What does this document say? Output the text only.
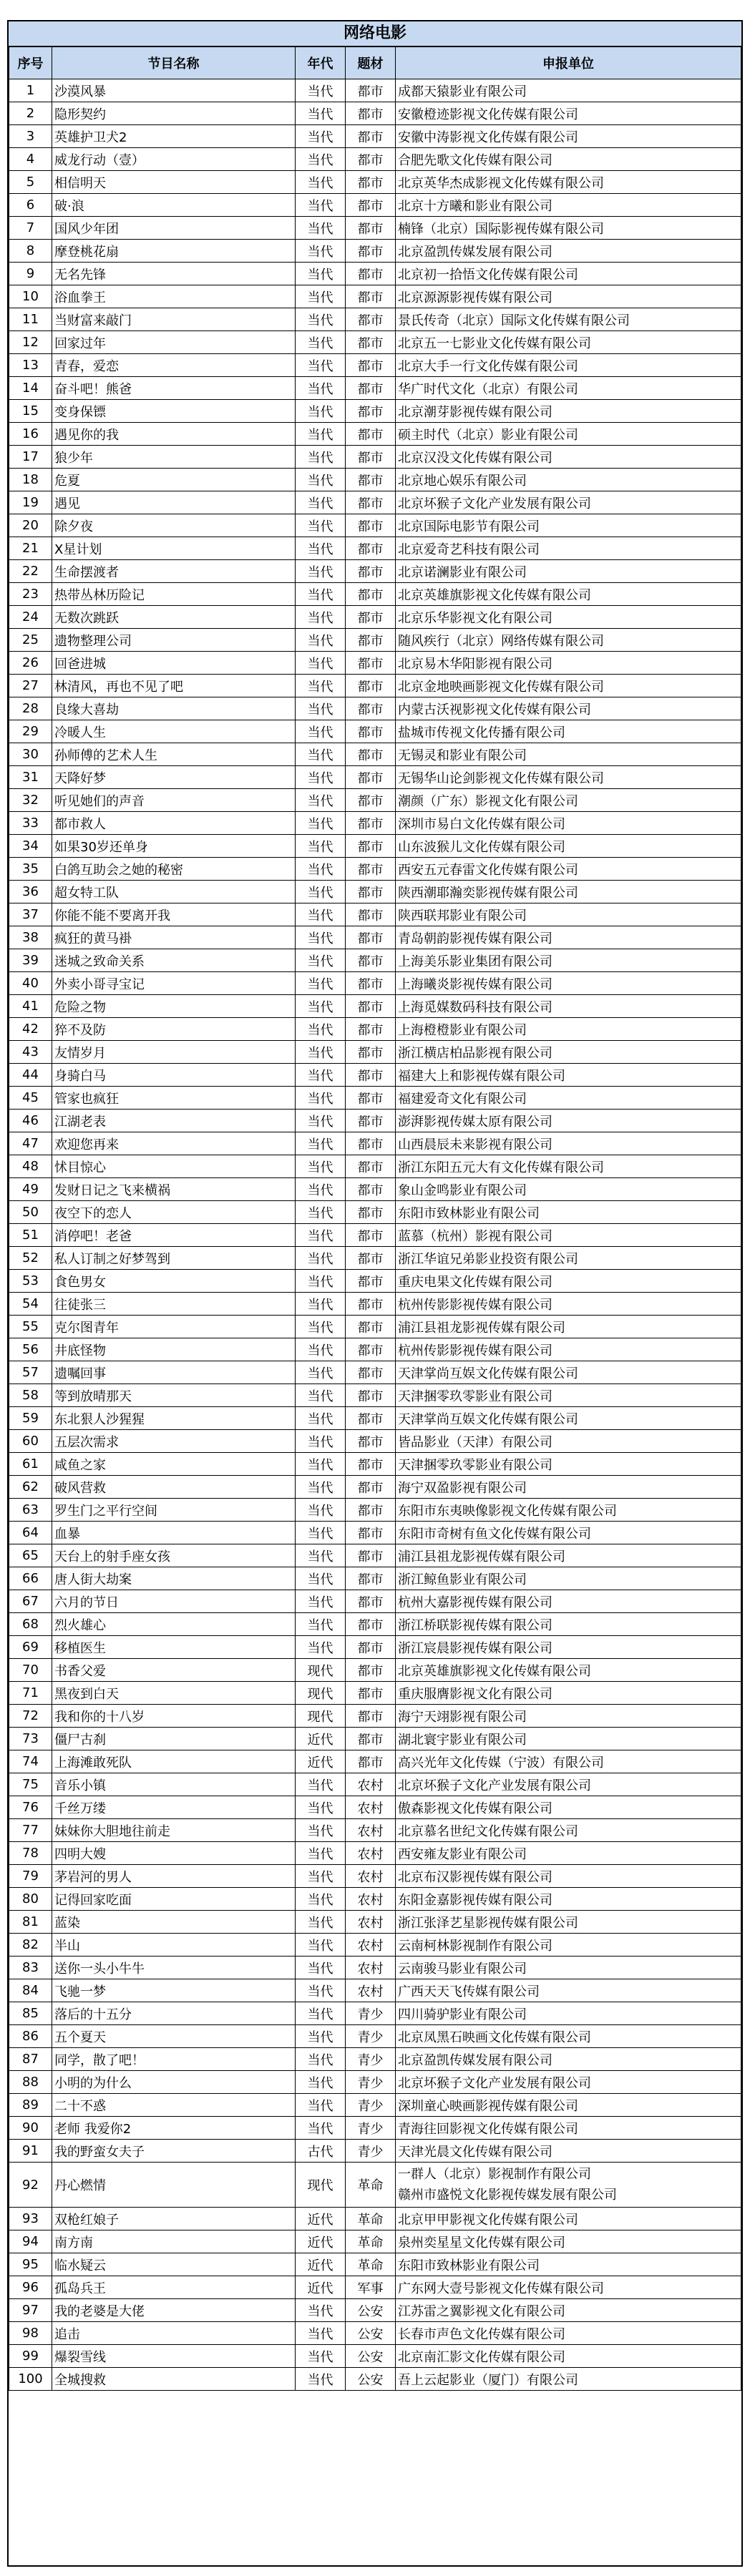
网络电影
序号	节目名称	年代	题材	申报单位
1	沙漠风暴	当代	都市	成都天猿影业有限公司
2	隐形契约	当代	都市	安徽橙迹影视文化传媒有限公司
3	英雄护卫犬2	当代	都市	安徽中涛影视文化传媒有限公司
4	威龙行动（壹）	当代	都市	合肥先歌文化传媒有限公司
5	相信明天	当代	都市	北京英华杰成影视文化传媒有限公司
6	破·浪	当代	都市	北京十方曦和影业有限公司
7	国风少年团	当代	都市	楠锋（北京）国际影视传媒有限公司
8	摩登桃花扇	当代	都市	北京盈凯传媒发展有限公司
9	无名先锋	当代	都市	北京初一拾悟文化传媒有限公司
10	浴血拳王	当代	都市	北京源源影视传媒有限公司
11	当财富来敲门	当代	都市	景氏传奇（北京）国际文化传媒有限公司
12	回家过年	当代	都市	北京五一七影业文化传媒有限公司
13	青春，爱恋	当代	都市	北京大手一行文化传媒有限公司
14	奋斗吧！熊爸	当代	都市	华广时代文化（北京）有限公司
15	变身保镖	当代	都市	北京潮芽影视传媒有限公司
16	遇见你的我	当代	都市	硕主时代（北京）影业有限公司
17	狼少年	当代	都市	北京汉没文化传媒有限公司
18	危夏	当代	都市	北京地心娱乐有限公司
19	遇见	当代	都市	北京坏猴子文化产业发展有限公司
20	除夕夜	当代	都市	北京国际电影节有限公司
21	X星计划	当代	都市	北京爱奇艺科技有限公司
22	生命摆渡者	当代	都市	北京诺澜影业有限公司
23	热带丛林历险记	当代	都市	北京英雄旗影视文化传媒有限公司
24	无数次跳跃	当代	都市	北京乐华影视文化有限公司
25	遗物整理公司	当代	都市	随风疾行（北京）网络传媒有限公司
26	回爸进城	当代	都市	北京易木华阳影视有限公司
27	林清风，再也不见了吧	当代	都市	北京金地映画影视文化传媒有限公司
28	良缘大喜劫	当代	都市	内蒙古沃视影视文化传媒有限公司
29	冷暖人生	当代	都市	盐城市传视文化传播有限公司
30	孙师傅的艺术人生	当代	都市	无锡灵和影业有限公司
31	天降好梦	当代	都市	无锡华山论剑影视文化传媒有限公司
32	听见她们的声音	当代	都市	潮颜（广东）影视文化有限公司
33	都市救人	当代	都市	深圳市易白文化传媒有限公司
34	如果30岁还单身	当代	都市	山东波猴儿文化传媒有限公司
35	白鸽互助会之她的秘密	当代	都市	西安五元春雷文化传媒有限公司
36	超女特工队	当代	都市	陕西潮耶瀚奕影视传媒有限公司
37	你能不能不要离开我	当代	都市	陕西联邦影业有限公司
38	疯狂的黄马褂	当代	都市	青岛朝韵影视传媒有限公司
39	迷城之致命关系	当代	都市	上海美乐影业集团有限公司
40	外卖小哥寻宝记	当代	都市	上海曦炎影视传媒有限公司
41	危险之物	当代	都市	上海觅媒数码科技有限公司
42	猝不及防	当代	都市	上海橙橙影业有限公司
43	友情岁月	当代	都市	浙江横店柏品影视有限公司
44	身骑白马	当代	都市	福建大上和影视传媒有限公司
45	管家也疯狂	当代	都市	福建爱奇文化有限公司
46	江湖老表	当代	都市	澎湃影视传媒太原有限公司
47	欢迎您再来	当代	都市	山西晨辰未来影视有限公司
48	怵目惊心	当代	都市	浙江东阳五元大有文化传媒有限公司
49	发财日记之飞来横祸	当代	都市	象山金鸣影业有限公司
50	夜空下的恋人	当代	都市	东阳市致林影业有限公司
51	消停吧！老爸	当代	都市	蓝慕（杭州）影视有限公司
52	私人订制之好梦驾到	当代	都市	浙江华谊兄弟影业投资有限公司
53	食色男女	当代	都市	重庆电果文化传媒有限公司
54	往徒张三	当代	都市	杭州传影影视传媒有限公司
55	克尔图青年	当代	都市	浦江县祖龙影视传媒有限公司
56	井底怪物	当代	都市	杭州传影影视传媒有限公司
57	遗嘱回事	当代	都市	天津掌尚互娱文化传媒有限公司
58	等到放晴那天	当代	都市	天津捆零玖零影业有限公司
59	东北狠人沙猩猩	当代	都市	天津掌尚互娱文化传媒有限公司
60	五层次需求	当代	都市	皆品影业（天津）有限公司
61	咸鱼之家	当代	都市	天津捆零玖零影业有限公司
62	破风营救	当代	都市	海宁双盈影视有限公司
63	罗生门之平行空间	当代	都市	东阳市东夷映像影视文化传媒有限公司
64	血暴	当代	都市	东阳市奇树有鱼文化传媒有限公司
65	天台上的射手座女孩	当代	都市	浦江县祖龙影视传媒有限公司
66	唐人街大劫案	当代	都市	浙江鲸鱼影业有限公司
67	六月的节日	当代	都市	杭州大嘉影视传媒有限公司
68	烈火雄心	当代	都市	浙江桥联影视传媒有限公司
69	移植医生	当代	都市	浙江宸晨影视传媒有限公司
70	书香父爱	现代	都市	北京英雄旗影视文化传媒有限公司
71	黑夜到白天	现代	都市	重庆服膺影视文化有限公司
72	我和你的十八岁	现代	都市	海宁天翊影视有限公司
73	僵尸古刹	近代	都市	湖北寰宇影业有限公司
74	上海滩敢死队	近代	都市	高兴光年文化传媒（宁波）有限公司
75	音乐小镇	当代	农村	北京坏猴子文化产业发展有限公司
76	千丝万缕	当代	农村	傲森影视文化传媒有限公司
77	妹妹你大胆地往前走	当代	农村	北京慕名世纪文化传媒有限公司
78	四明大嫂	当代	农村	西安雍友影业有限公司
79	茅岩河的男人	当代	农村	北京布汉影视传媒有限公司
80	记得回家吃面	当代	农村	东阳金嘉影视传媒有限公司
81	蓝染	当代	农村	浙江张泽艺星影视传媒有限公司
82	半山	当代	农村	云南柯林影视制作有限公司
83	送你一头小牛牛	当代	农村	云南骏马影业有限公司
84	飞驰一梦	当代	农村	广西天天飞传媒有限公司
85	落后的十五分	当代	青少	四川骑驴影业有限公司
86	五个夏天	当代	青少	北京凤黑石映画文化传媒有限公司
87	同学，散了吧！	当代	青少	北京盈凯传媒发展有限公司
88	小明的为什么	当代	青少	北京坏猴子文化产业发展有限公司
89	二十不惑	当代	青少	深圳童心映画影视传媒有限公司
90	老师 我爱你2	当代	青少	青海往回影视文化传媒有限公司
91	我的野蛮女夫子	古代	青少	天津光晨文化传媒有限公司
92	丹心燃情	现代	革命	一群人（北京）影视制作有限公司
赣州市盛悦文化影视传媒发展有限公司
93	双枪红娘子	近代	革命	北京甲甲影视文化传媒有限公司
94	南方南	近代	革命	泉州奕星星文化传媒有限公司
95	临水疑云	近代	革命	东阳市致林影业有限公司
96	孤岛兵王	近代	军事	广东网大壹号影视文化传媒有限公司
97	我的老婆是大佬	当代	公安	江苏雷之翼影视文化有限公司
98	追击	当代	公安	长春市声色文化传媒有限公司
99	爆裂雪线	当代	公安	北京南汇影文化传媒有限公司
100	全城搜救	当代	公安	吾上云起影业（厦门）有限公司
